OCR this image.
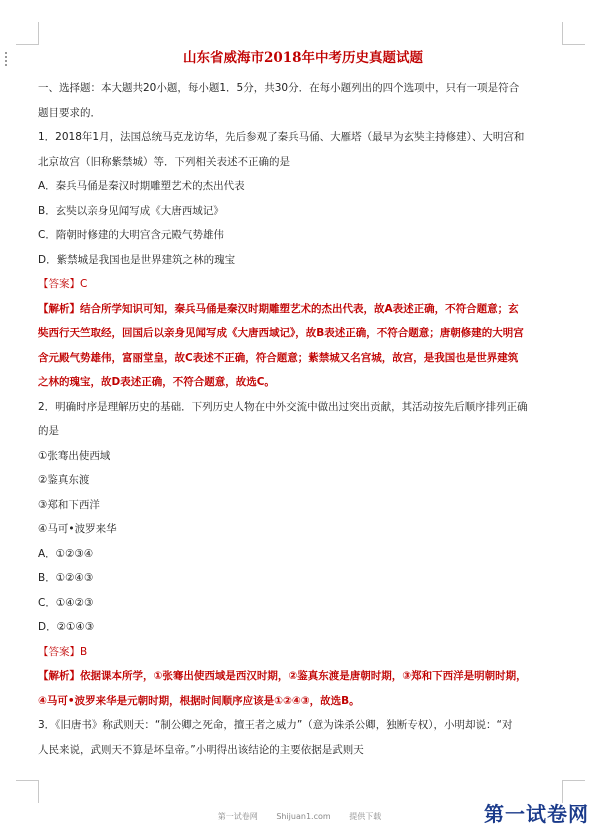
山东省威海市2018年中考历史真题试题

一、选择题：本大题共20小题，每小题1．5分，共30分．在每小题列出的四个选项中，只有一项是符合

题目要求的．

1．2018年1月，法国总统马克龙访华，先后参观了秦兵马俑、大雁塔（最早为玄奘主持修建）、大明宫和

北京故宫（旧称紫禁城）等．下列相关表述不正确的是

A．秦兵马俑是秦汉时期雕塑艺术的杰出代表

B．玄奘以亲身见闻写成《大唐西域记》

C．隋朝时修建的大明宫含元殿气势雄伟

D．紫禁城是我国也是世界建筑之林的瑰宝

【答案】C

【解析】结合所学知识可知，秦兵马俑是秦汉时期雕塑艺术的杰出代表，故A表述正确，不符合题意；玄

奘西行天竺取经，回国后以亲身见闻写成《大唐西域记》，故B表述正确，不符合题意；唐朝修建的大明宫

含元殿气势雄伟，富丽堂皇，故C表述不正确，符合题意；紫禁城又名宫城，故宫，是我国也是世界建筑

之林的瑰宝，故D表述正确，不符合题意，故选C。

2．明确时序是理解历史的基础．下列历史人物在中外交流中做出过突出贡献，其活动按先后顺序排列正确

的是

①张骞出使西域

②鉴真东渡

③郑和下西洋

④马可•波罗来华

A．①②③④

B．①②④③

C．①④②③

D．②①④③

【答案】B

【解析】依据课本所学，①张骞出使西域是西汉时期，②鉴真东渡是唐朝时期，③郑和下西洋是明朝时期，

④马可•波罗来华是元朝时期，根据时间顺序应该是①②④③，故选B。

3．《旧唐书》称武则天：“制公卿之死命，擅王者之威力”（意为诛杀公卿，独断专权），小明却说：“对

人民来说，武则天不算是坏皇帝。”小明得出该结论的主要依据是武则天

第一试卷网 Shijuan1.com 提供下载	第一试卷网
